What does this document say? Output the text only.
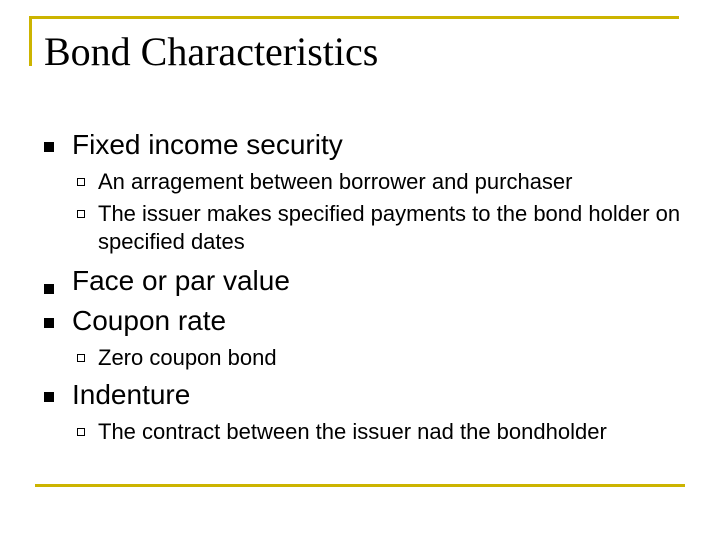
Bond Characteristics
Fixed income security
An arragement between borrower and purchaser
The issuer makes specified payments to the bond holder on specified dates
Face or par value
Coupon rate
Zero coupon bond
Indenture
The contract between the issuer nad the bondholder
